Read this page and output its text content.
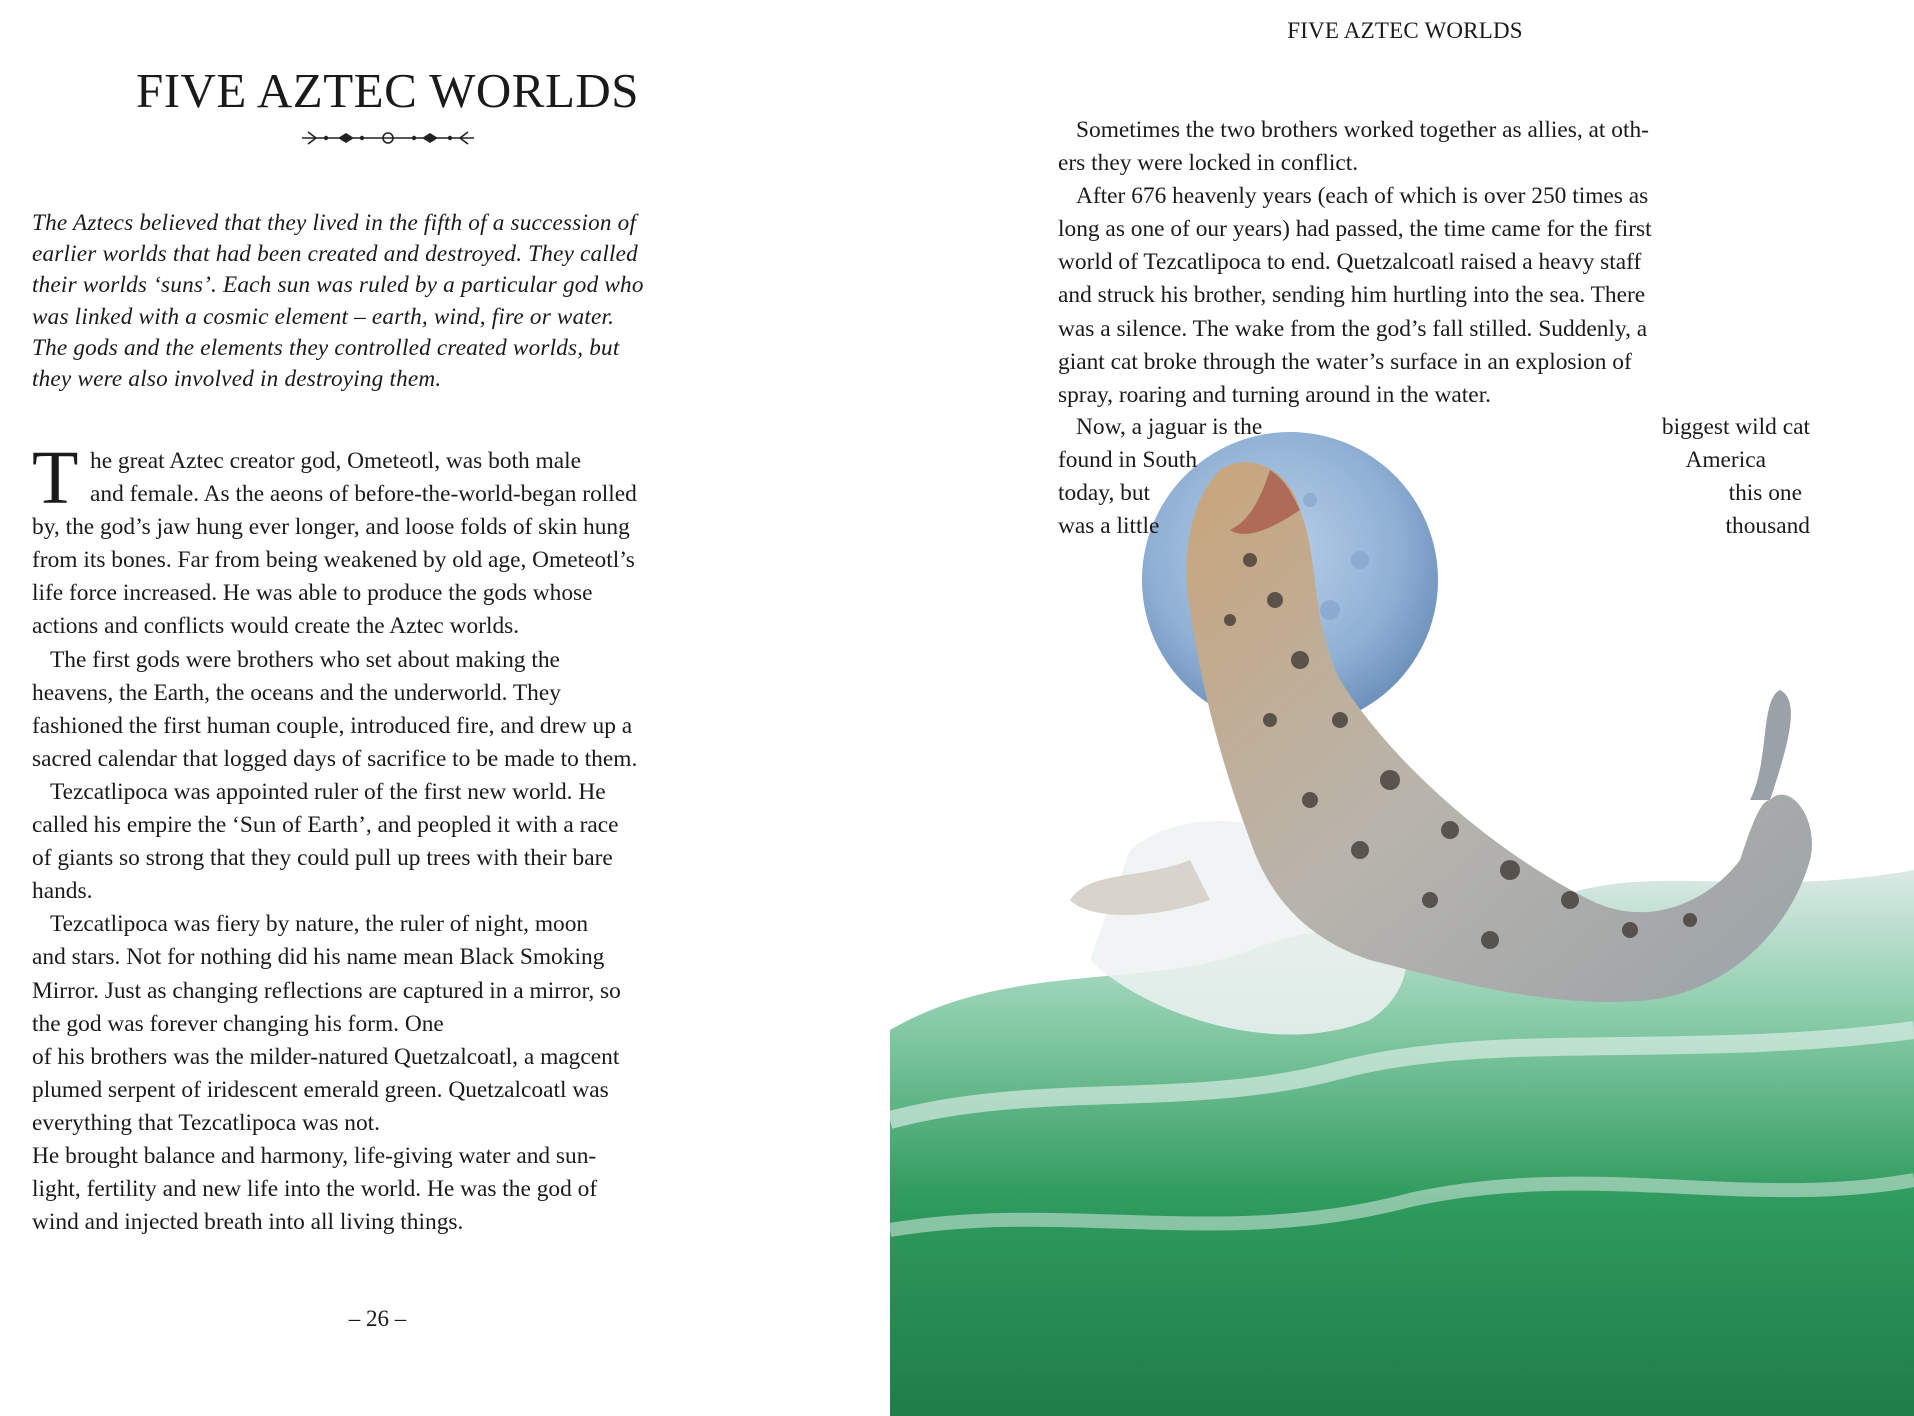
FIVE AZTEC WORLDS
The Aztecs believed that they lived in the fifth of a succession of
earlier worlds that had been created and destroyed. They called
their worlds ‘suns’. Each sun was ruled by a particular god who
was linked with a cosmic element – earth, wind, fire or water.
The gods and the elements they controlled created worlds, but
they were also involved in destroying them.
T he great Aztec creator god, Ometeotl, was both male
and female. As the aeons of before-the-world-began rolled
by, the god’s jaw hung ever longer, and loose folds of skin hung
from its bones. Far from being weakened by old age, Ometeotl’s
life force increased. He was able to produce the gods whose
actions and conflicts would create the Aztec worlds.
The first gods were brothers who set about making the
heavens, the Earth, the oceans and the underworld. They
fashioned the first human couple, introduced fire, and drew up a
sacred calendar that logged days of sacrifice to be made to them.
Tezcatlipoca was appointed ruler of the first new world. He
called his empire the ‘Sun of Earth’, and peopled it with a race
of giants so strong that they could pull up trees with their bare
hands.
Tezcatlipoca was fiery by nature, the ruler of night, moon
and stars. Not for nothing did his name mean Black Smoking
Mirror. Just as changing reflections are captured in a mirror, so
the god was forever changing his form. One
of his brothers was the milder-natured Quetzalcoatl, a magcent
plumed serpent of iridescent emerald green. Quetzalcoatl was
everything that Tezcatlipoca was not.
He brought balance and harmony, life-giving water and sun-
light, fertility and new life into the world. He was the god of
wind and injected breath into all living things.
– 26 –
FIVE AZTEC WORLDS
Sometimes the two brothers worked together as allies, at oth-
ers they were locked in conflict.
After 676 heavenly years (each of which is over 250 times as
long as one of our years) had passed, the time came for the first
world of Tezcatlipoca to end. Quetzalcoatl raised a heavy staff
and struck his brother, sending him hurtling into the sea. There
was a silence. The wake from the god’s fall stilled. Suddenly, a
giant cat broke through the water’s surface in an explosion of
spray, roaring and turning around in the water.
Now, a jaguar is the
found in South
today, but
was a little
biggest wild cat
America
this one
thousand
